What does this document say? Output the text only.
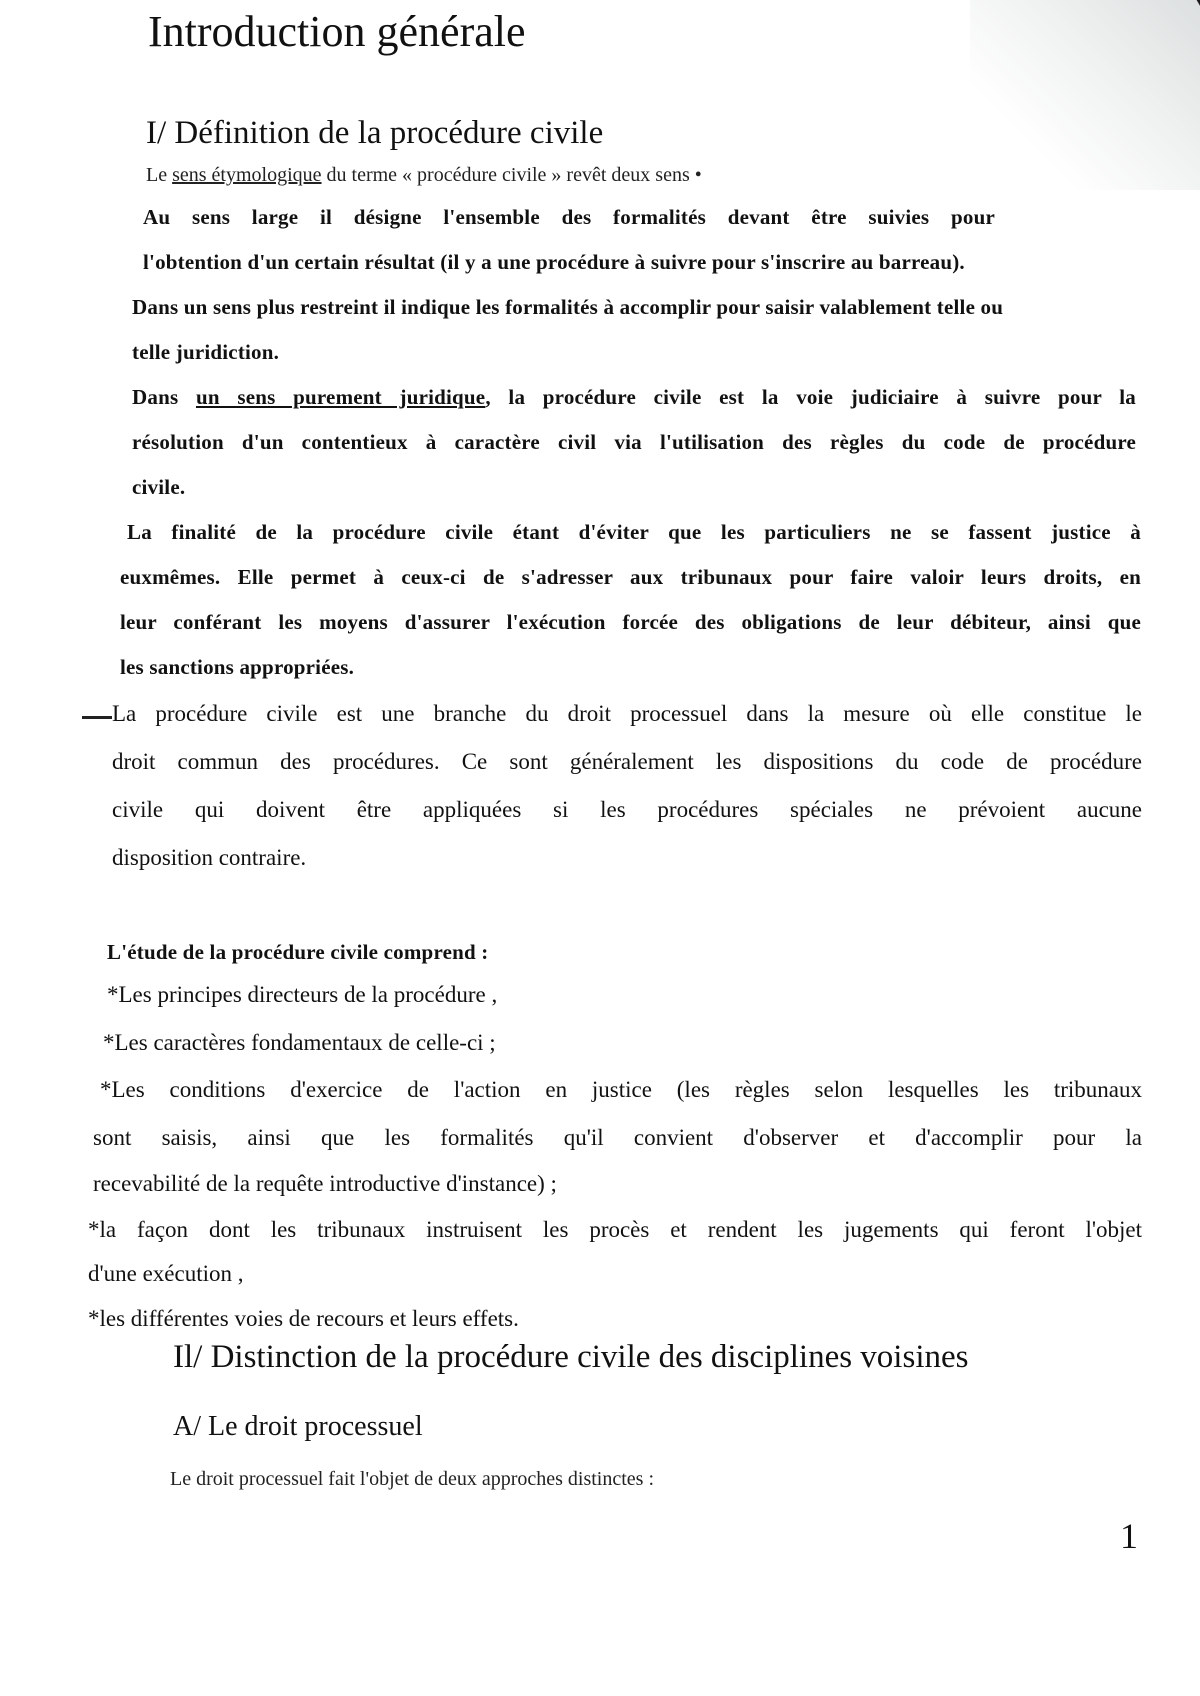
Introduction générale
I/ Définition de la procédure civile
Le sens étymologique du terme « procédure civile » revêt deux sens •
Au sens large il désigne l'ensemble des formalités devant être suivies pour
l'obtention d'un certain résultat (il y a une procédure à suivre pour s'inscrire au barreau).
Dans un sens plus restreint il indique les formalités à accomplir pour saisir valablement telle ou
telle juridiction.
Dans un sens purement juridique, la procédure civile est la voie judiciaire à suivre pour la
résolution d'un contentieux à caractère civil via l'utilisation des règles du code de procédure
civile.
La finalité de la procédure civile étant d'éviter que les particuliers ne se fassent justice à
euxmêmes. Elle permet à ceux-ci de s'adresser aux tribunaux pour faire valoir leurs droits, en
leur conférant les moyens d'assurer l'exécution forcée des obligations de leur débiteur, ainsi que
les sanctions appropriées.
La procédure civile est une branche du droit processuel dans la mesure où elle constitue le
droit commun des procédures. Ce sont généralement les dispositions du code de procédure
civile qui doivent être appliquées si les procédures spéciales ne prévoient aucune
disposition contraire.
L'étude de la procédure civile comprend :
*Les principes directeurs de la procédure ,
*Les caractères fondamentaux de celle-ci ;
*Les conditions d'exercice de l'action en justice (les règles selon lesquelles les tribunaux
sont saisis, ainsi que les formalités qu'il convient d'observer et d'accomplir pour la
recevabilité de la requête introductive d'instance) ;
*la façon dont les tribunaux instruisent les procès et rendent les jugements qui feront l'objet
d'une exécution ,
*les différentes voies de recours et leurs effets.
Il/ Distinction de la procédure civile des disciplines voisines
A/ Le droit processuel
Le droit processuel fait l'objet de deux approches distinctes :
1
